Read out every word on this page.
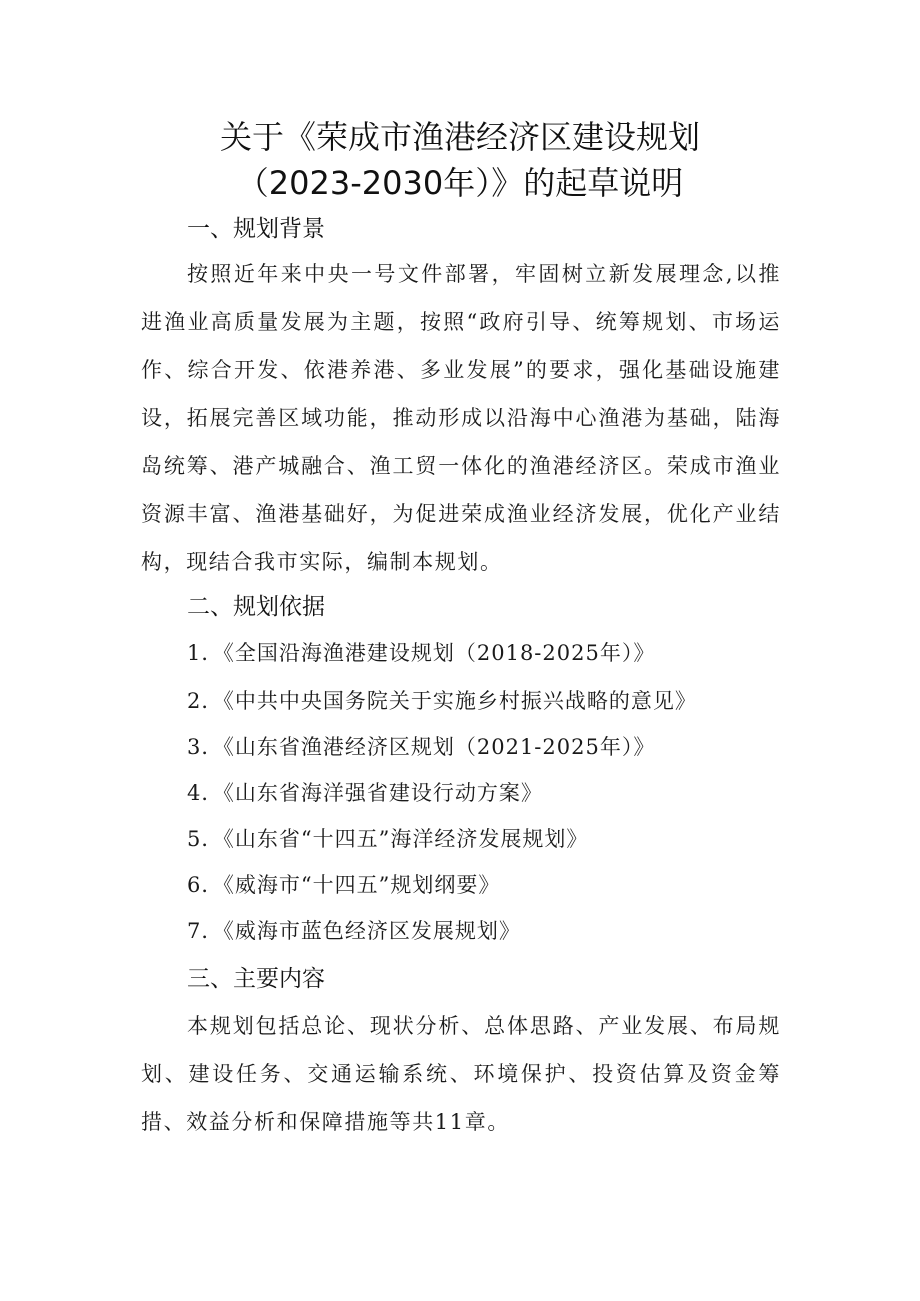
关于《荣成市渔港经济区建设规划
（2023-2030年）》的起草说明
一、规划背景

按照近年来中央一号文件部署，牢固树立新发展理念,以推进渔业高质量发展为主题，按照“政府引导、统筹规划、市场运作、综合开发、依港养港、多业发展”的要求，强化基础设施建设，拓展完善区域功能，推动形成以沿海中心渔港为基础，陆海岛统筹、港产城融合、渔工贸一体化的渔港经济区。荣成市渔业资源丰富、渔港基础好，为促进荣成渔业经济发展，优化产业结构，现结合我市实际，编制本规划。

二、规划依据
1．《全国沿海渔港建设规划（2018-2025年）》
2．《中共中央国务院关于实施乡村振兴战略的意见》
3．《山东省渔港经济区规划（2021-2025年）》
4．《山东省海洋强省建设行动方案》
5．《山东省“十四五”海洋经济发展规划》
6．《威海市“十四五”规划纲要》
7．《威海市蓝色经济区发展规划》
三、主要内容

本规划包括总论、现状分析、总体思路、产业发展、布局规划、建设任务、交通运输系统、环境保护、投资估算及资金筹措、效益分析和保障措施等共11章。
